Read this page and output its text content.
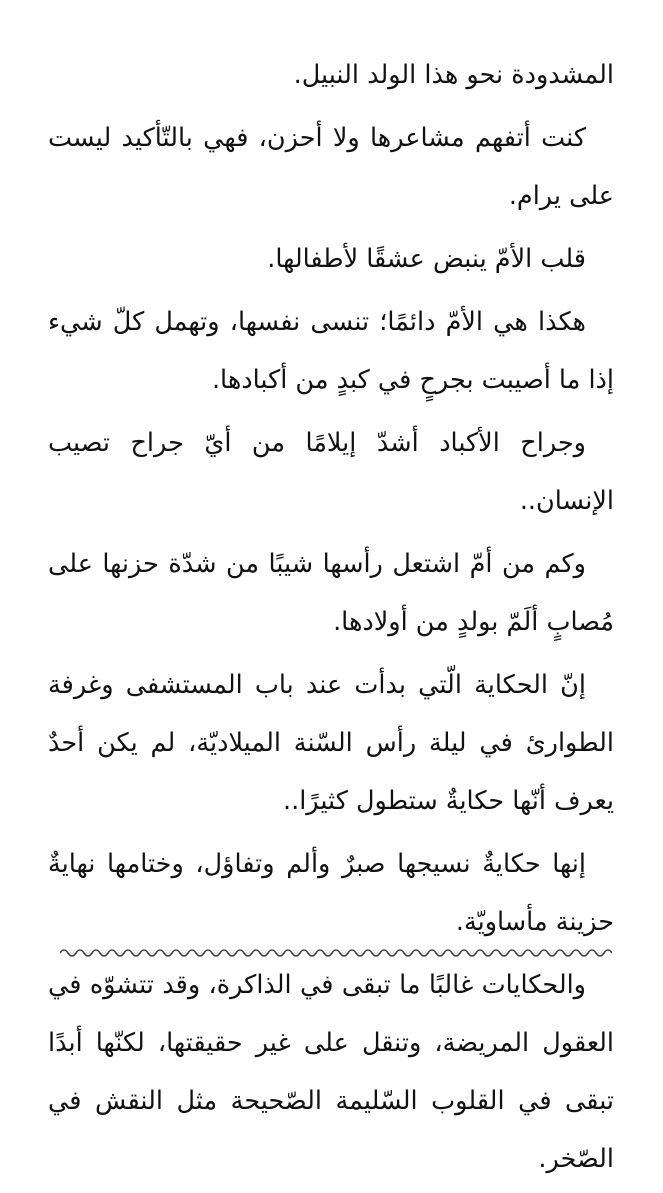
المشدودة نحو هذا الولد النبيل.

كنت أتفهم مشاعرها ولا أحزن، فهي بالتّأكيد ليست على يرام.

قلب الأمّ ينبض عشقًا لأطفالها.

هكذا هي الأمّ دائمًا؛ تنسى نفسها، وتهمل كلّ شيء إذا ما أصيبت بجرحٍ في كبدٍ من أكبادها.

وجراح الأكباد أشدّ إيلامًا من أيّ جراح تصيب الإنسان..

وكم من أمّ اشتعل رأسها شيبًا من شدّة حزنها على مُصابٍ ألَمّ بولدٍ من أولادها.

إنّ الحكاية الّتي بدأت عند باب المستشفى وغرفة الطوارئ في ليلة رأس السّنة الميلاديّة، لم يكن أحدٌ يعرف أنّها حكايةٌ ستطول كثيرًا..

إنها حكايةٌ نسيجها صبرٌ وألم وتفاؤل، وختامها نهايةٌ حزينة مأساويّة.

والحكايات غالبًا ما تبقى في الذاكرة، وقد تتشوّه في العقول المريضة، وتنقل على غير حقيقتها، لكنّها أبدًا تبقى في القلوب السّليمة الصّحيحة مثل النقش في الصّخر.
